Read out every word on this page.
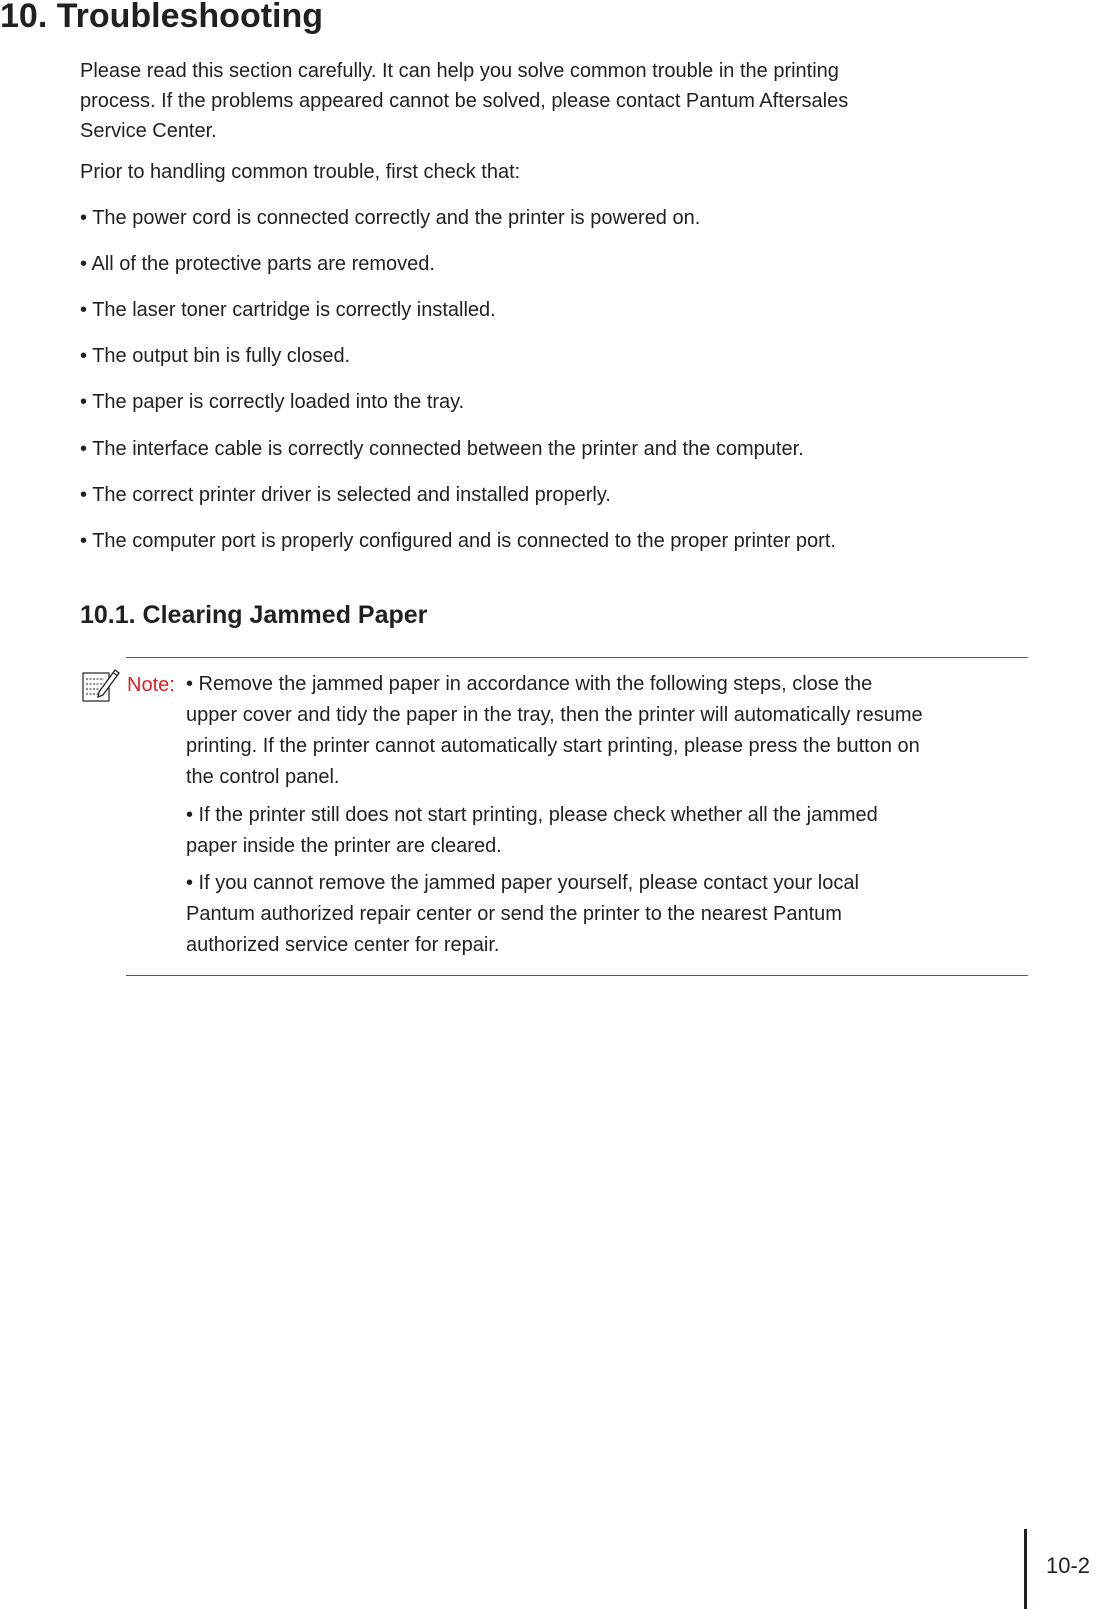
10. Troubleshooting
Please read this section carefully. It can help you solve common trouble in the printing
process. If the problems appeared cannot be solved, please contact Pantum Aftersales
Service Center.

Prior to handling common trouble, first check that:

• The power cord is connected correctly and the printer is powered on.

• All of the protective parts are removed.

• The laser toner cartridge is correctly installed.

• The output bin is fully closed.

• The paper is correctly loaded into the tray.

• The interface cable is correctly connected between the printer and the computer.

• The correct printer driver is selected and installed properly.

• The computer port is properly configured and is connected to the proper printer port.

10.1. Clearing Jammed Paper

Note: • Remove the jammed paper in accordance with the following steps, close the
upper cover and tidy the paper in the tray, then the printer will automatically resume
printing. If the printer cannot automatically start printing, please press the button on
the control panel.
• If the printer still does not start printing, please check whether all the jammed
paper inside the printer are cleared.
• If you cannot remove the jammed paper yourself, please contact your local
Pantum authorized repair center or send the printer to the nearest Pantum
authorized service center for repair.

10-2
